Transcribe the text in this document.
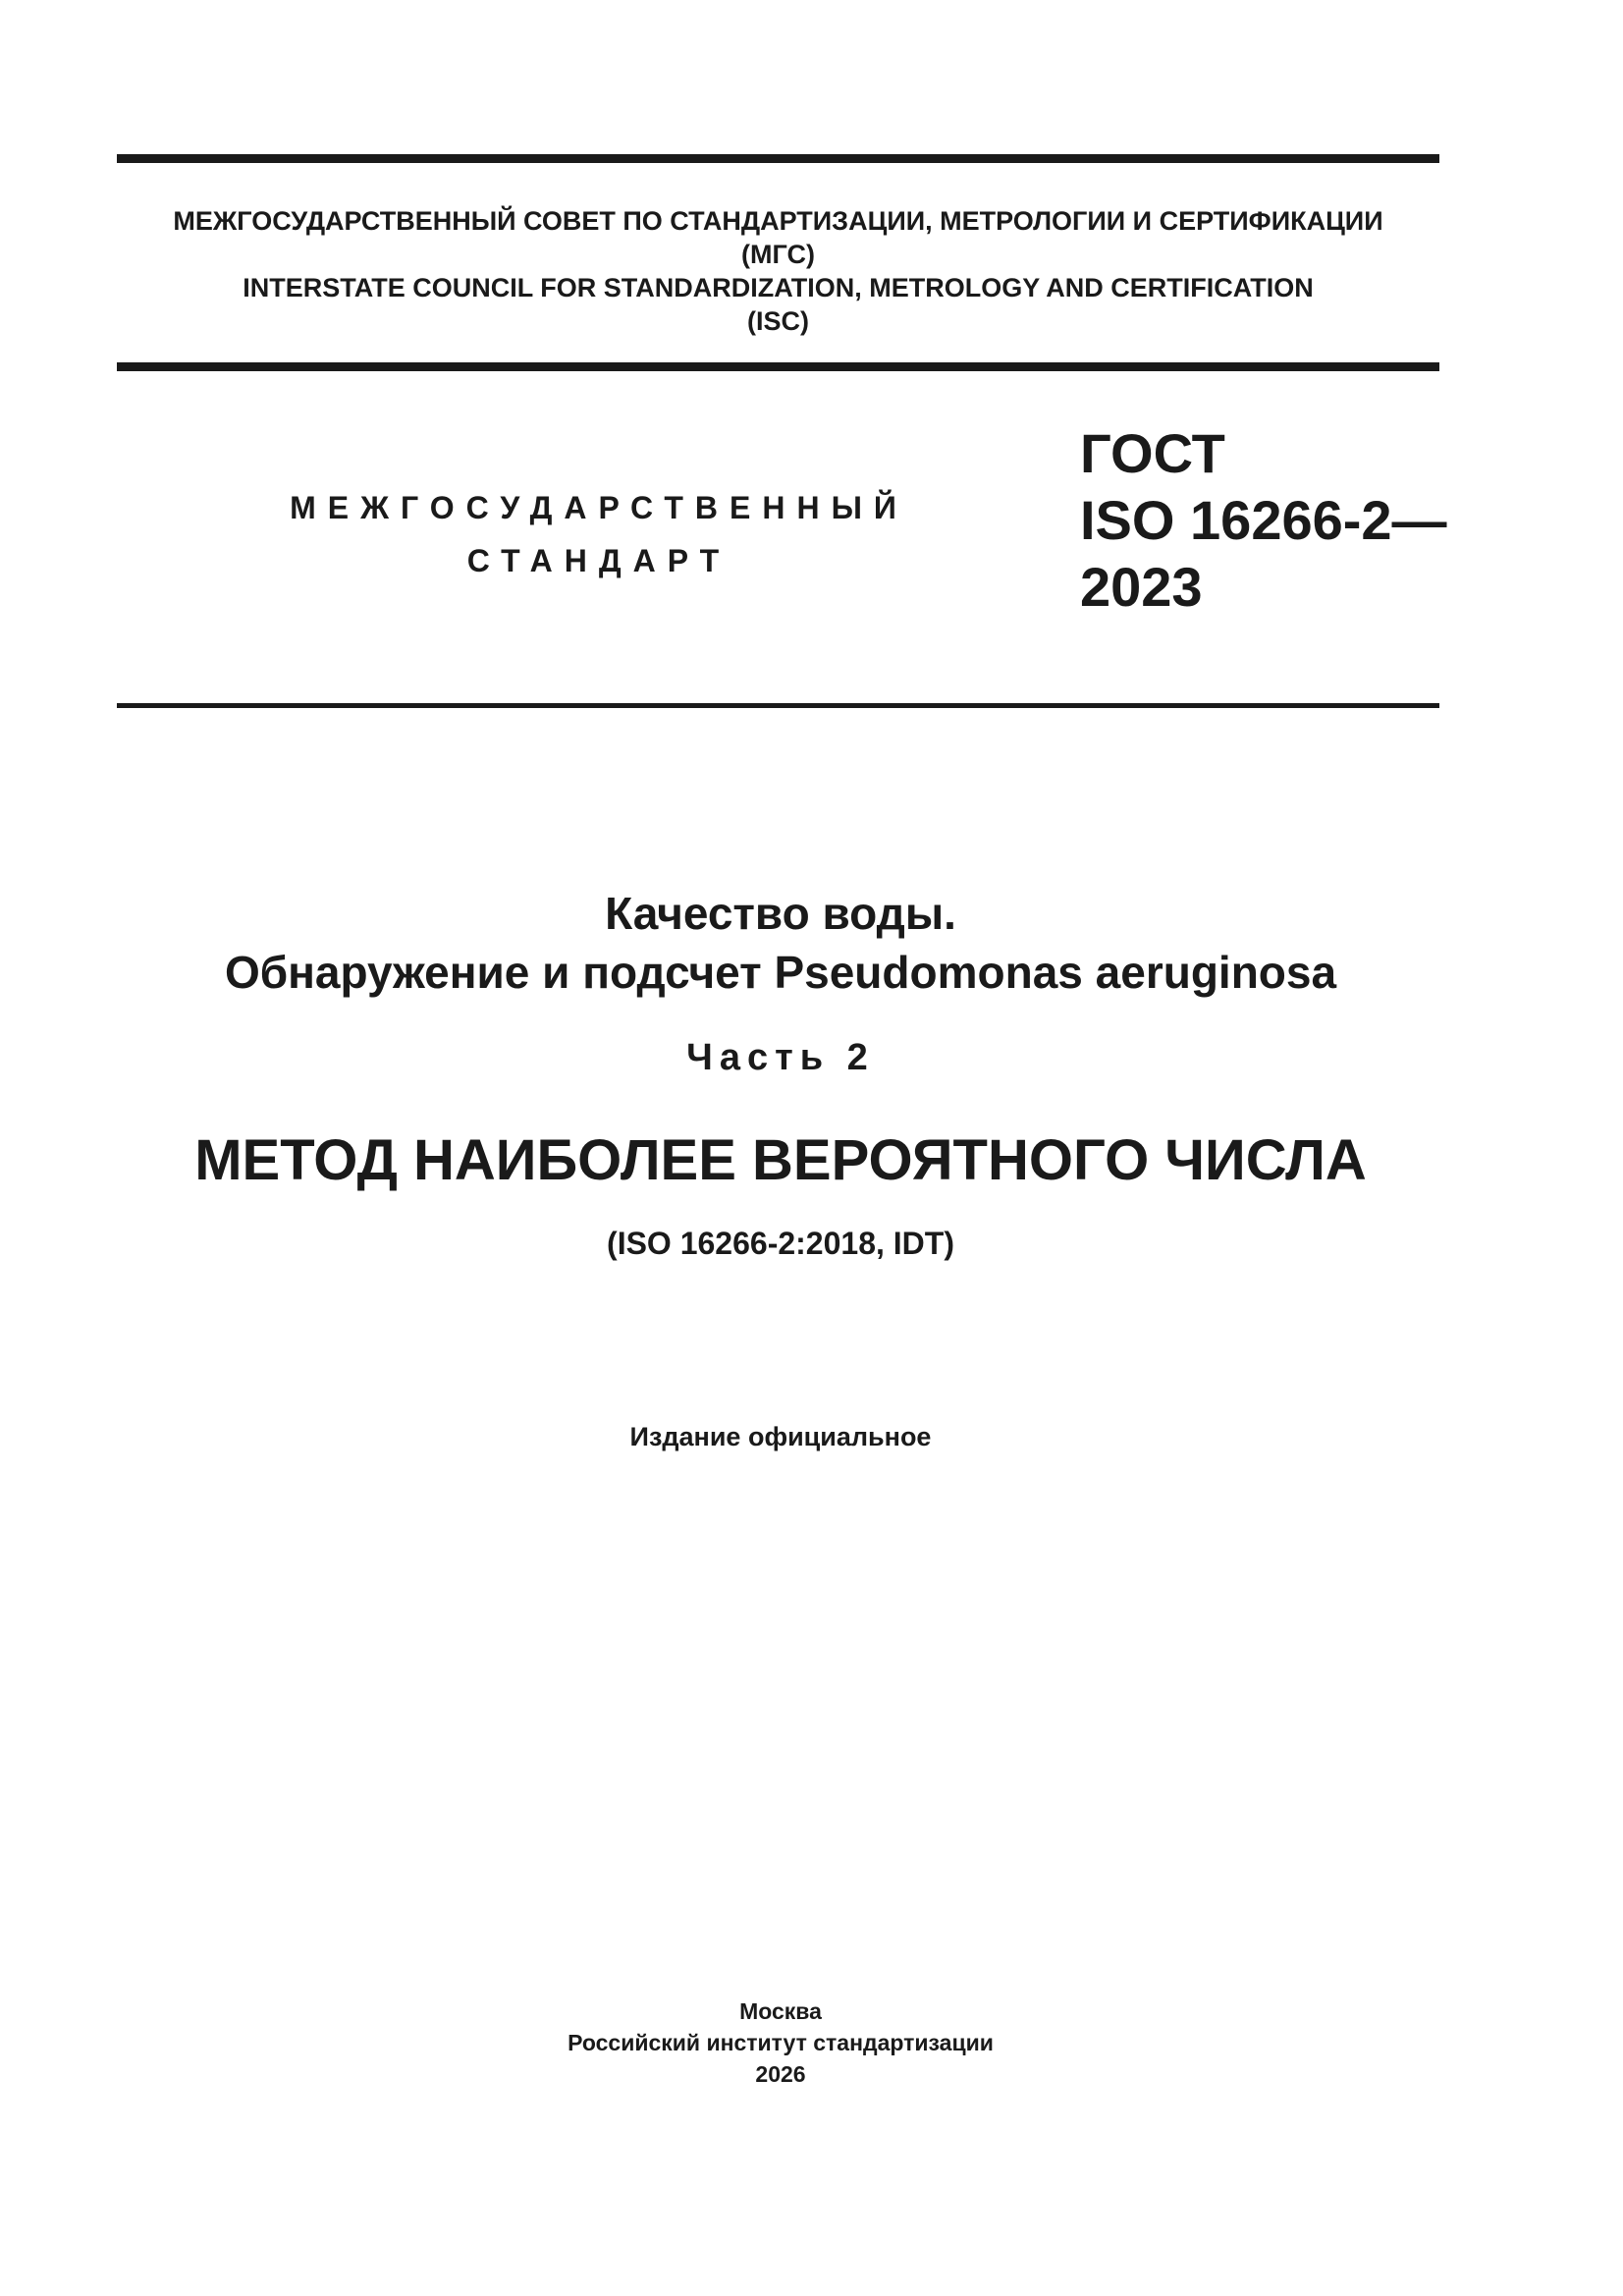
МЕЖГОСУДАРСТВЕННЫЙ СОВЕТ ПО СТАНДАРТИЗАЦИИ, МЕТРОЛОГИИ И СЕРТИФИКАЦИИ
(МГС)
INTERSTATE COUNCIL FOR STANDARDIZATION, METROLOGY AND CERTIFICATION
(ISC)
МЕЖГОСУДАРСТВЕННЫЙ
СТАНДАРТ
ГОСТ
ISO 16266-2—
2023
Качество воды.
Обнаружение и подсчет Pseudomonas aeruginosa
Часть 2
МЕТОД НАИБОЛЕЕ ВЕРОЯТНОГО ЧИСЛА
(ISO 16266-2:2018, IDT)
Издание официальное
Москва
Российский институт стандартизации
2026
